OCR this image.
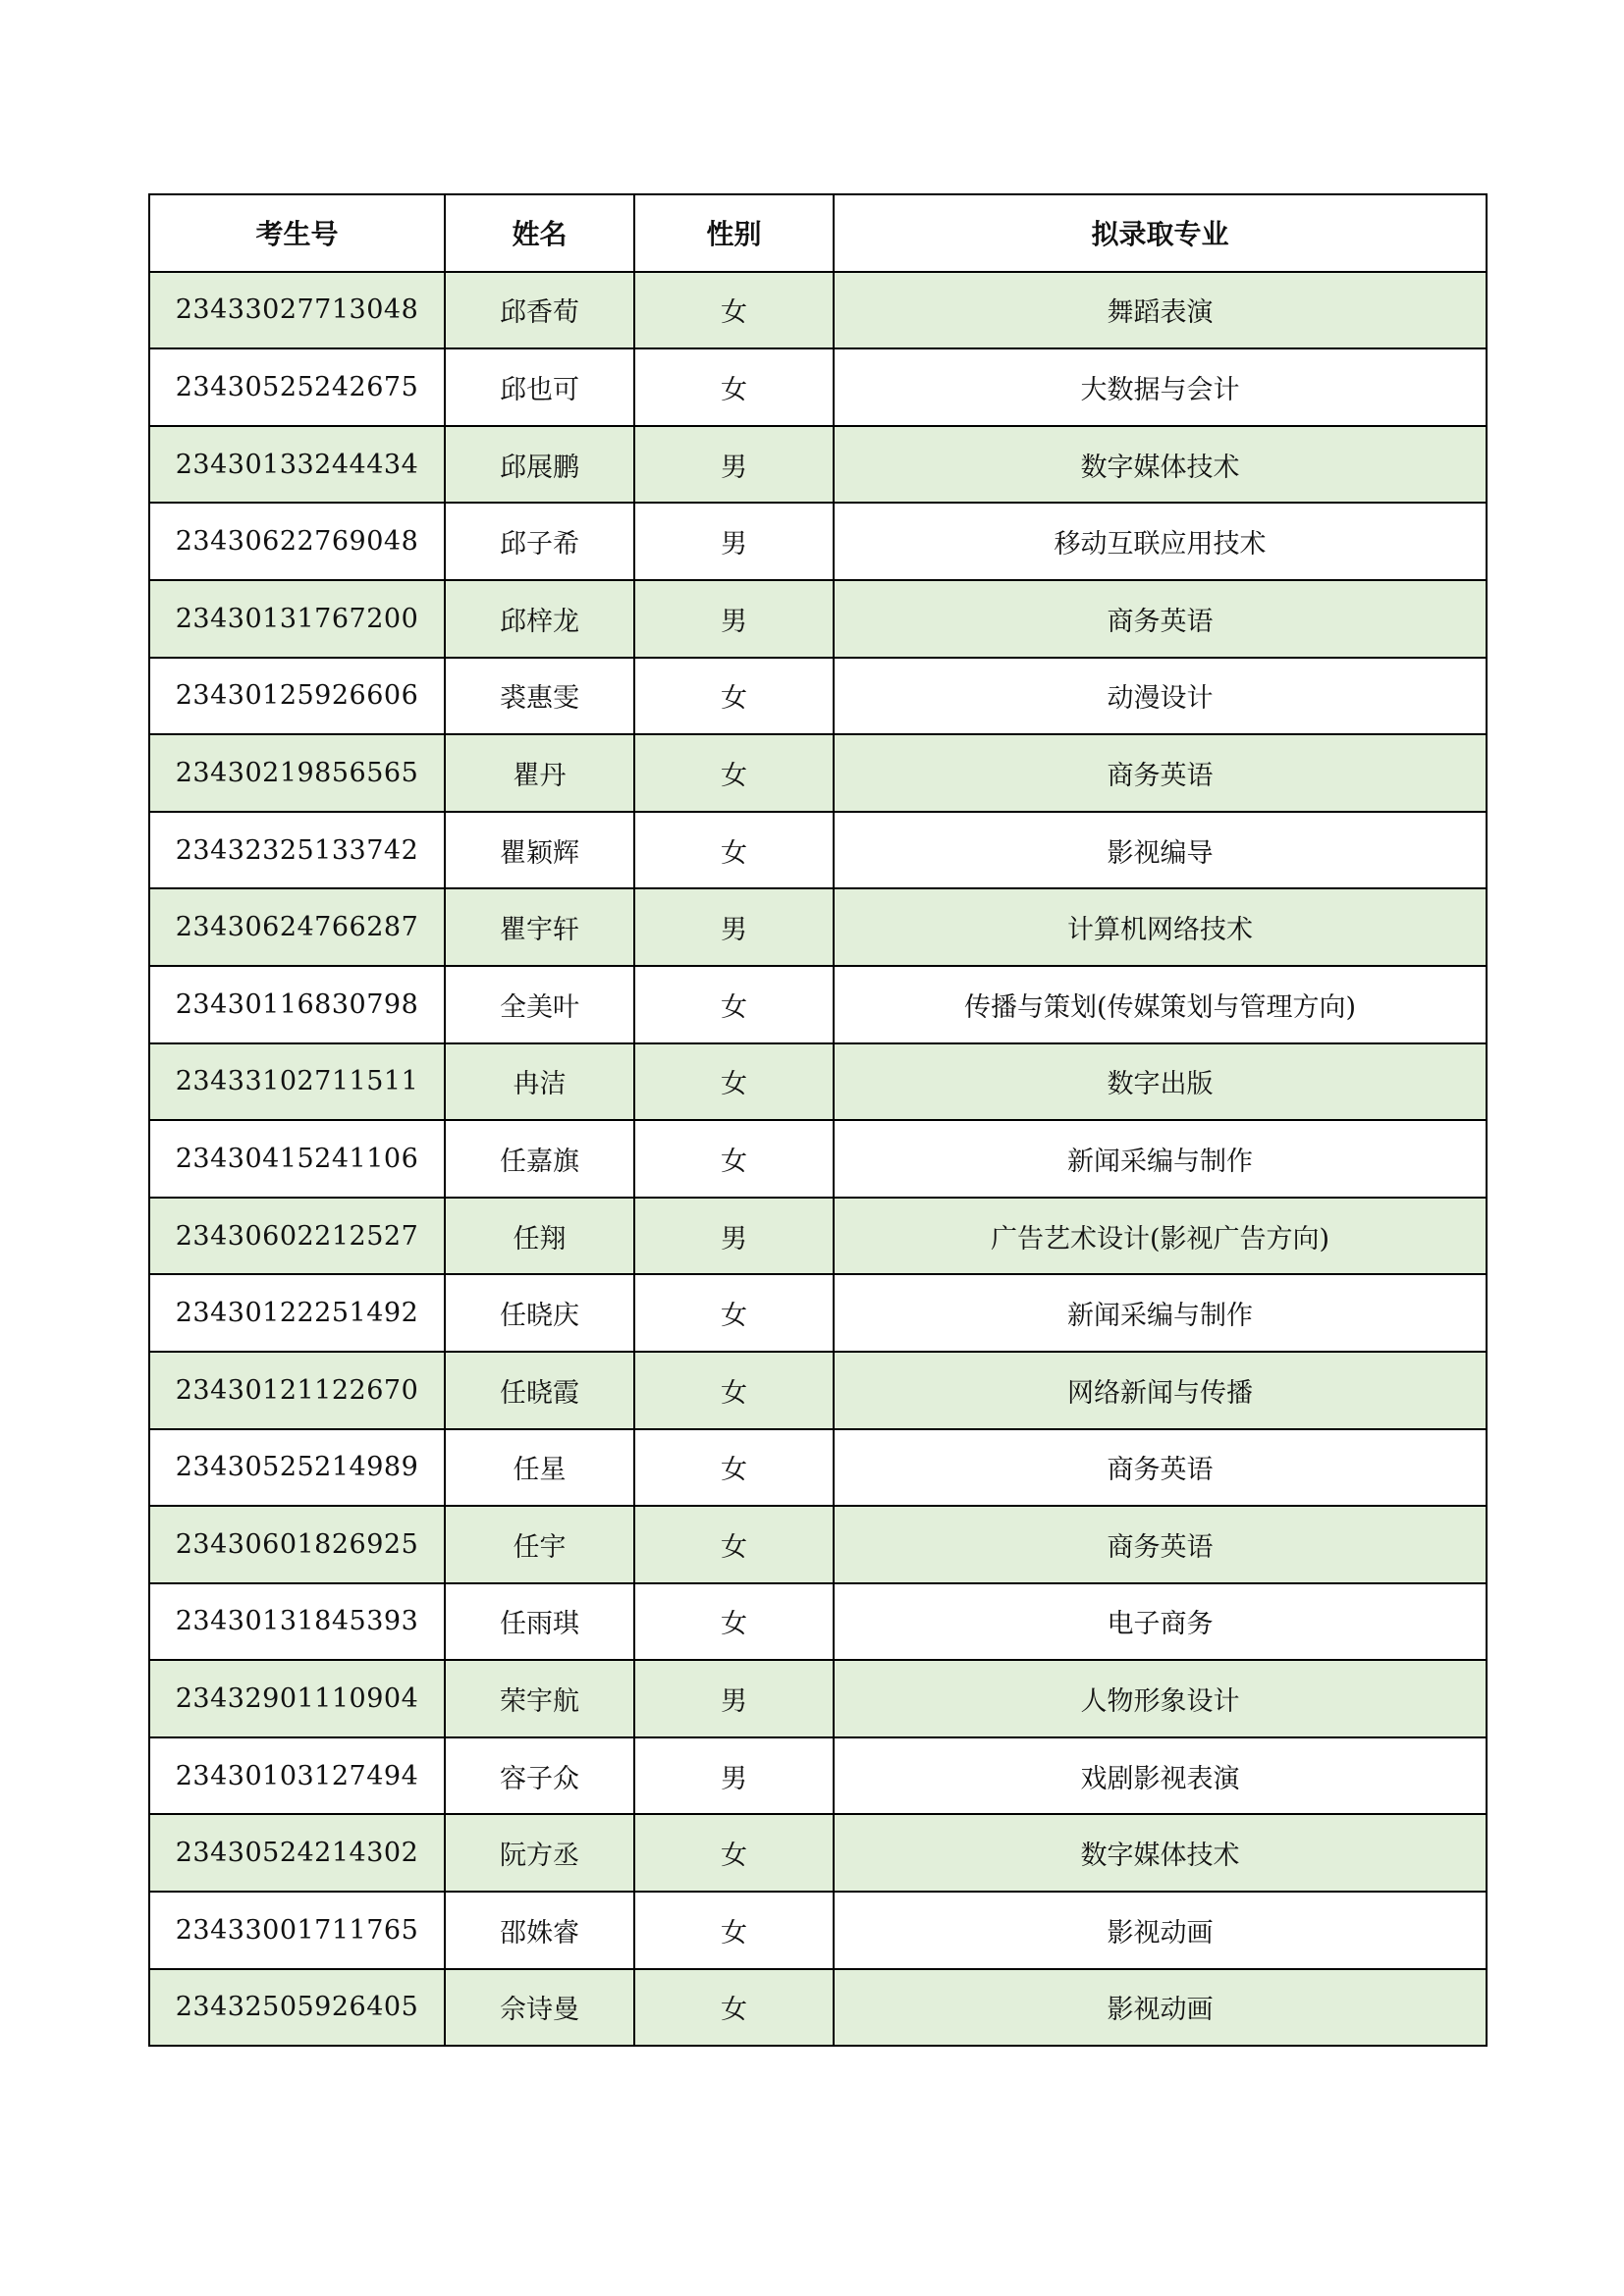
考生号	姓名	性别	拟录取专业
23433027713048	邱香荀	女	舞蹈表演
23430525242675	邱也可	女	大数据与会计
23430133244434	邱展鹏	男	数字媒体技术
23430622769048	邱子希	男	移动互联应用技术
23430131767200	邱梓龙	男	商务英语
23430125926606	裘惠雯	女	动漫设计
23430219856565	瞿丹	女	商务英语
23432325133742	瞿颖辉	女	影视编导
23430624766287	瞿宇轩	男	计算机网络技术
23430116830798	全美叶	女	传播与策划(传媒策划与管理方向)
23433102711511	冉洁	女	数字出版
23430415241106	任嘉旗	女	新闻采编与制作
23430602212527	任翔	男	广告艺术设计(影视广告方向)
23430122251492	任晓庆	女	新闻采编与制作
23430121122670	任晓霞	女	网络新闻与传播
23430525214989	任星	女	商务英语
23430601826925	任宇	女	商务英语
23430131845393	任雨琪	女	电子商务
23432901110904	荣宇航	男	人物形象设计
23430103127494	容子众	男	戏剧影视表演
23430524214302	阮方丞	女	数字媒体技术
23433001711765	邵姝睿	女	影视动画
23432505926405	佘诗曼	女	影视动画
